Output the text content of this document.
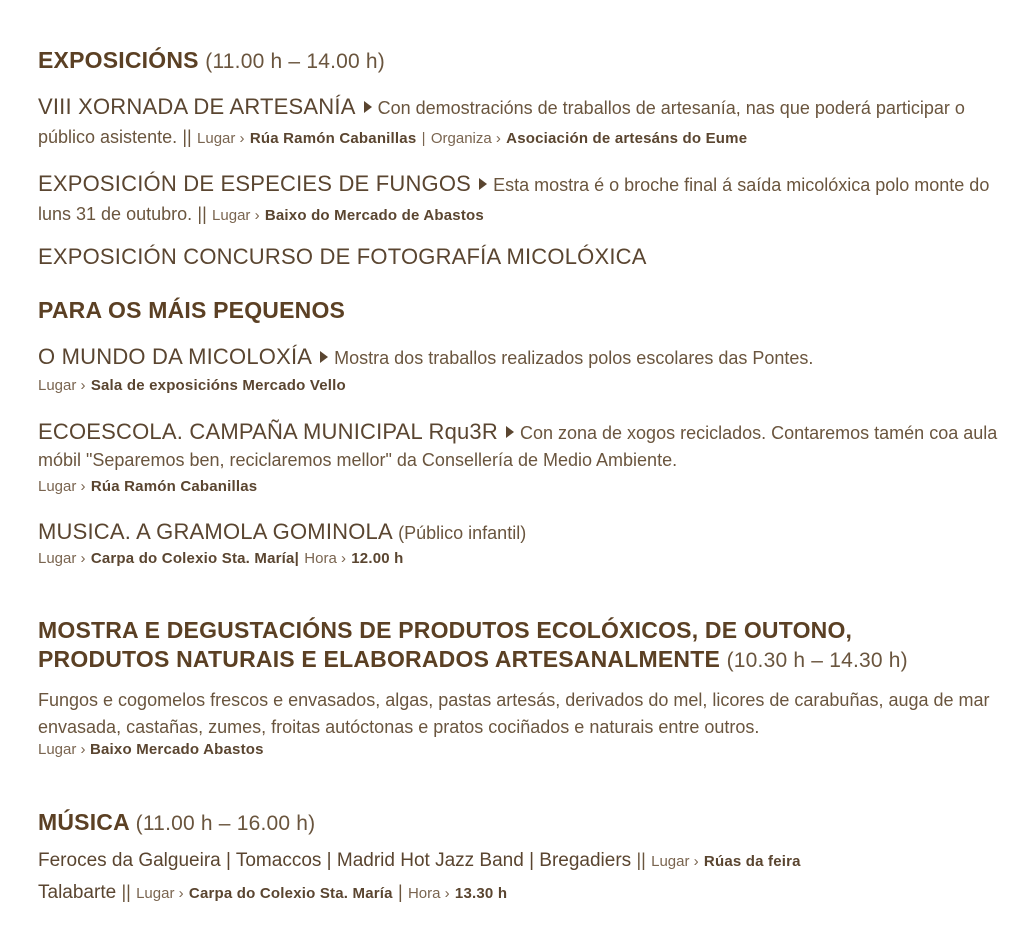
EXPOSICIÓNS (11.00 h – 14.00 h)
VIII XORNADA DE ARTESANÍA Con demostracións de traballos de artesanía, nas que poderá participar o público asistente. || Lugar › Rúa Ramón Cabanillas | Organiza › Asociación de artesáns do Eume
EXPOSICIÓN DE ESPECIES DE FUNGOS Esta mostra é o broche final á saída micolóxica polo monte do luns 31 de outubro. || Lugar › Baixo do Mercado de Abastos
EXPOSICIÓN CONCURSO DE FOTOGRAFÍA MICOLÓXICA
PARA OS MÁIS PEQUENOS
O MUNDO DA MICOLOXÍA Mostra dos traballos realizados polos escolares das Pontes.
Lugar › Sala de exposicións Mercado Vello
ECOESCOLA. CAMPAÑA MUNICIPAL Rqu3R Con zona de xogos reciclados. Contaremos tamén coa aula móbil "Separemos ben, reciclaremos mellor" da Consellería de Medio Ambiente.
Lugar › Rúa Ramón Cabanillas
MUSICA. A GRAMOLA GOMINOLA (Público infantil)
Lugar › Carpa do Colexio Sta. María| Hora › 12.00 h
MOSTRA E DEGUSTACIÓNS DE PRODUTOS ECOLÓXICOS, DE OUTONO,
PRODUTOS NATURAIS E ELABORADOS ARTESANALMENTE (10.30 h – 14.30 h)
Fungos e cogomelos frescos e envasados, algas, pastas artesás, derivados do mel, licores de carabuñas, auga de mar envasada, castañas, zumes, froitas autóctonas e pratos cociñados e naturais entre outros.
Lugar › Baixo Mercado Abastos
MÚSICA (11.00 h – 16.00 h)
Feroces da Galgueira | Tomaccos | Madrid Hot Jazz Band | Bregadiers || Lugar › Rúas da feira
Talabarte || Lugar › Carpa do Colexio Sta. María | Hora › 13.30 h
